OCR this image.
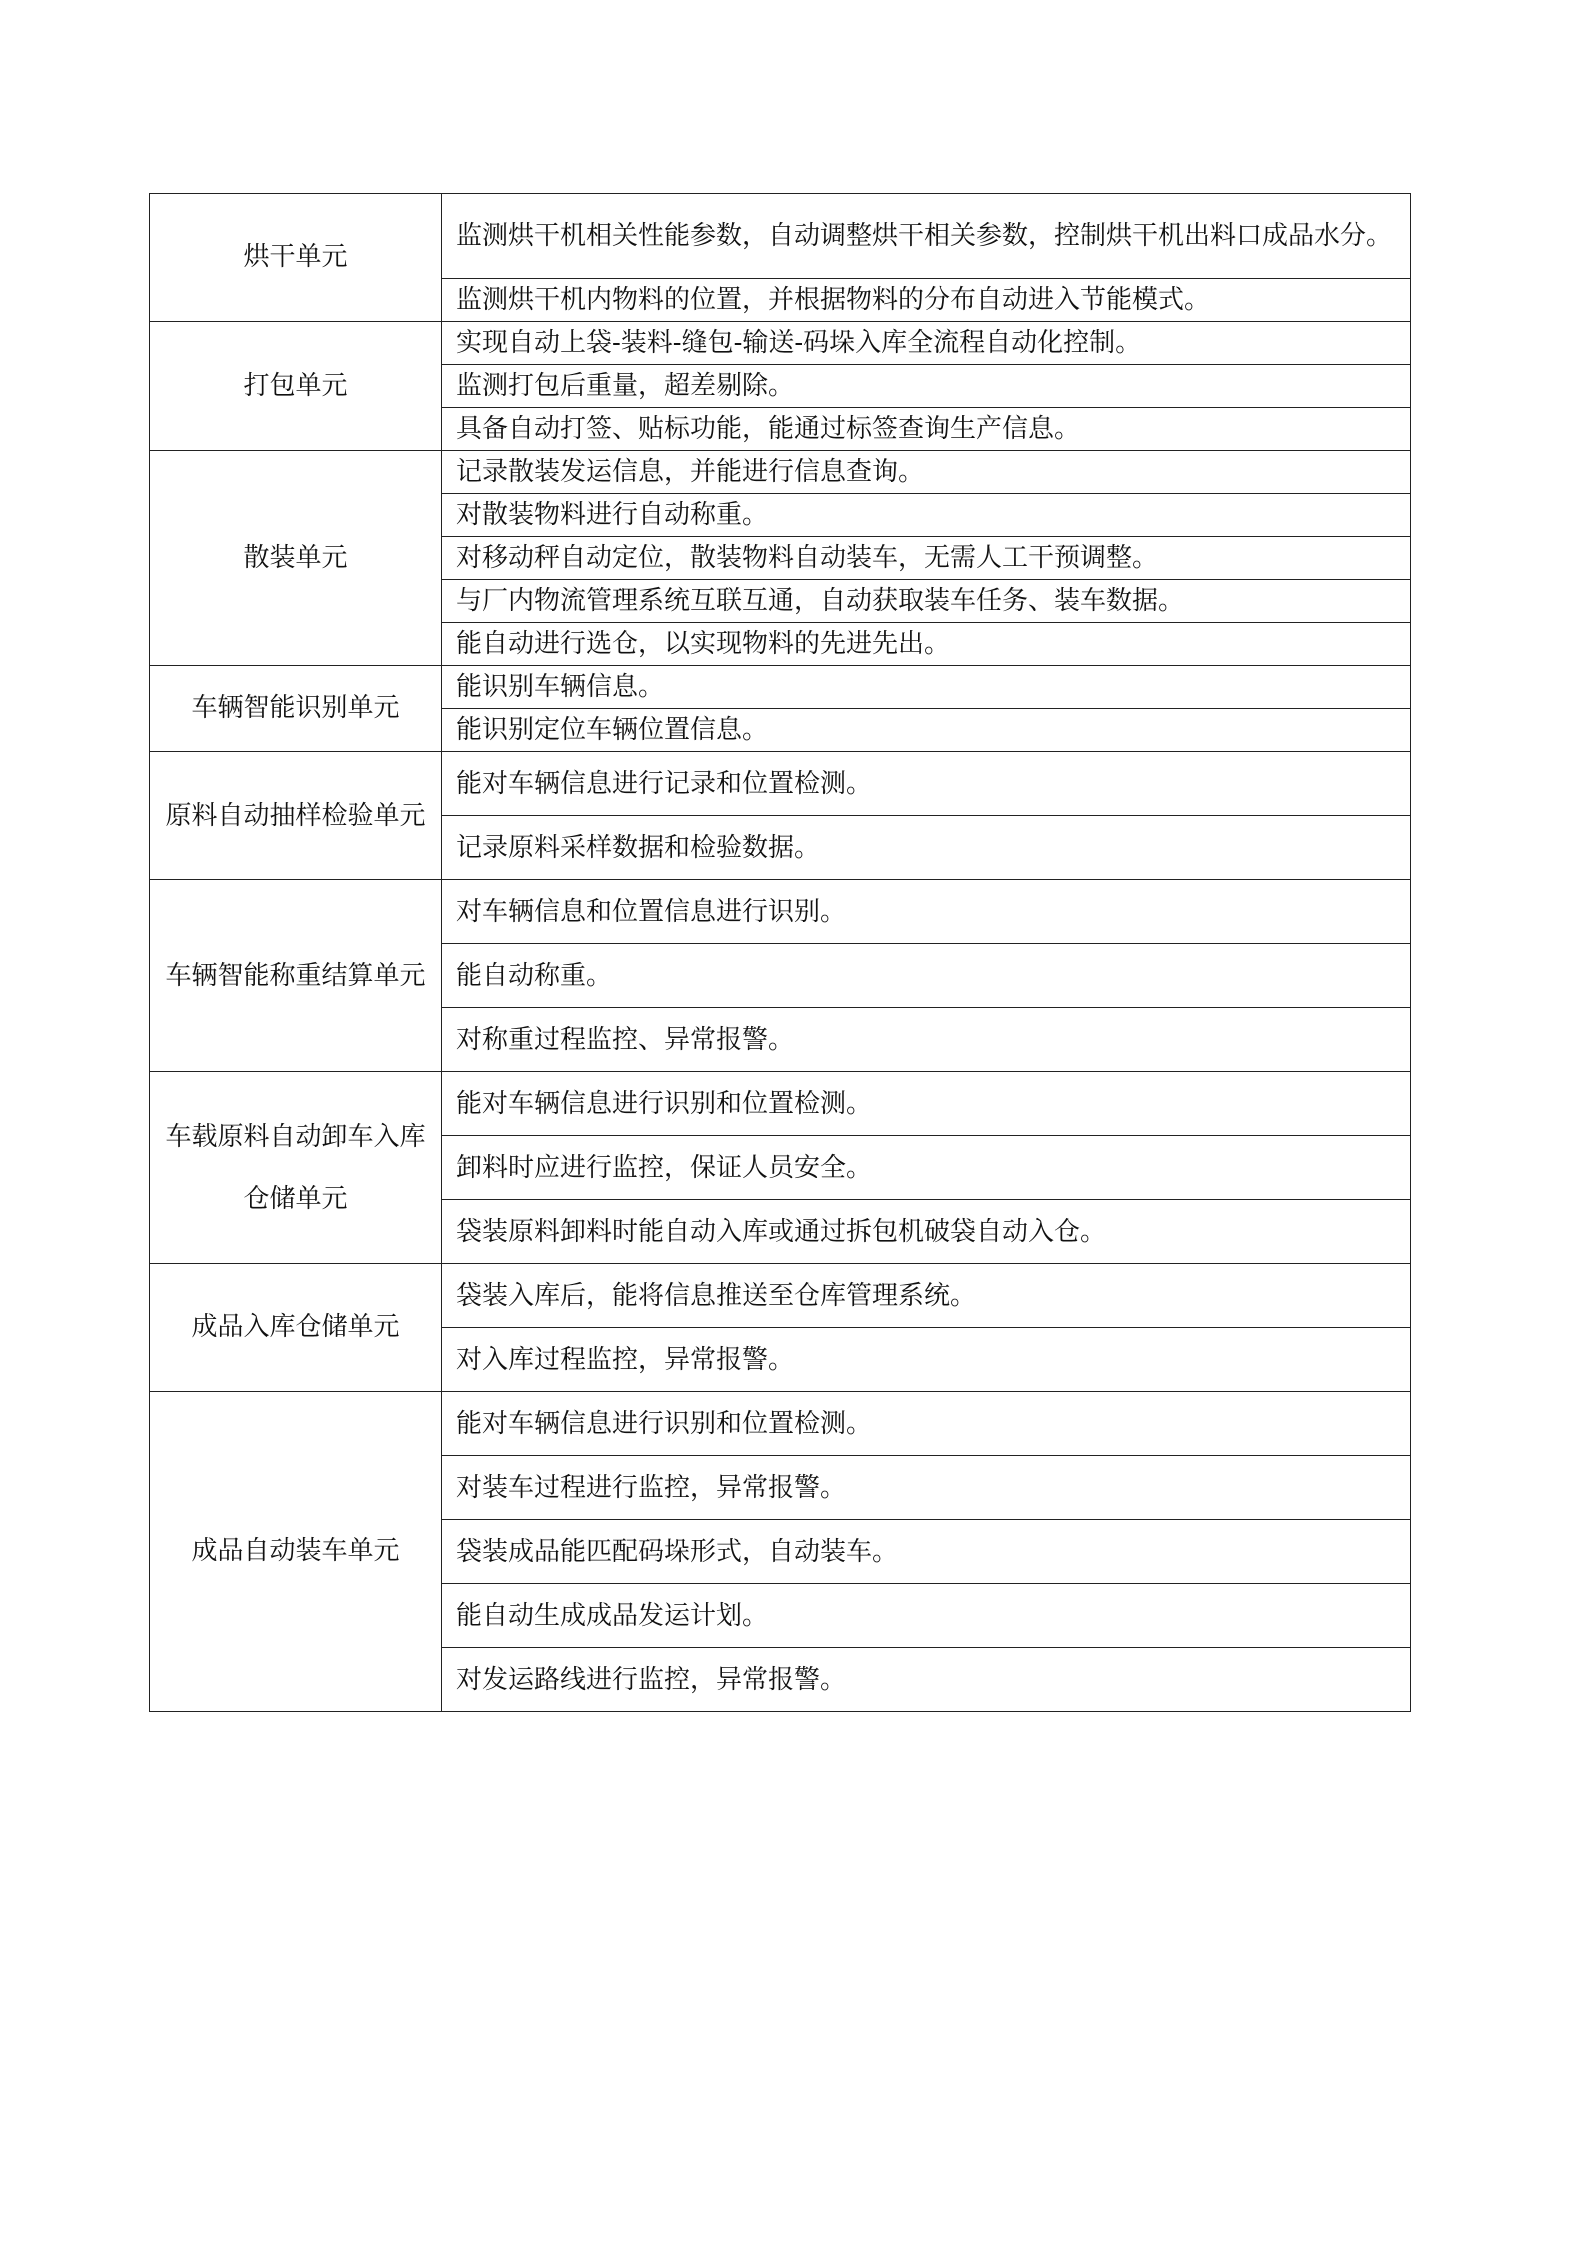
烘干单元	监测烘干机相关性能参数，自动调整烘干相关参数，控制烘干机出料口成品水分。
	监测烘干机内物料的位置，并根据物料的分布自动进入节能模式。
打包单元	实现自动上袋-装料-缝包-输送-码垛入库全流程自动化控制。
	监测打包后重量，超差剔除。
	具备自动打签、贴标功能，能通过标签查询生产信息。
散装单元	记录散装发运信息，并能进行信息查询。
	对散装物料进行自动称重。
	对移动秤自动定位，散装物料自动装车，无需人工干预调整。
	与厂内物流管理系统互联互通，自动获取装车任务、装车数据。
	能自动进行选仓，以实现物料的先进先出。
车辆智能识别单元	能识别车辆信息。
	能识别定位车辆位置信息。
原料自动抽样检验单元	能对车辆信息进行记录和位置检测。
	记录原料采样数据和检验数据。
车辆智能称重结算单元	对车辆信息和位置信息进行识别。
	能自动称重。
	对称重过程监控、异常报警。
车载原料自动卸车入库仓储单元	能对车辆信息进行识别和位置检测。
	卸料时应进行监控，保证人员安全。
	袋装原料卸料时能自动入库或通过拆包机破袋自动入仓。
成品入库仓储单元	袋装入库后，能将信息推送至仓库管理系统。
	对入库过程监控，异常报警。
成品自动装车单元	能对车辆信息进行识别和位置检测。
	对装车过程进行监控，异常报警。
	袋装成品能匹配码垛形式，自动装车。
	能自动生成成品发运计划。
	对发运路线进行监控，异常报警。
